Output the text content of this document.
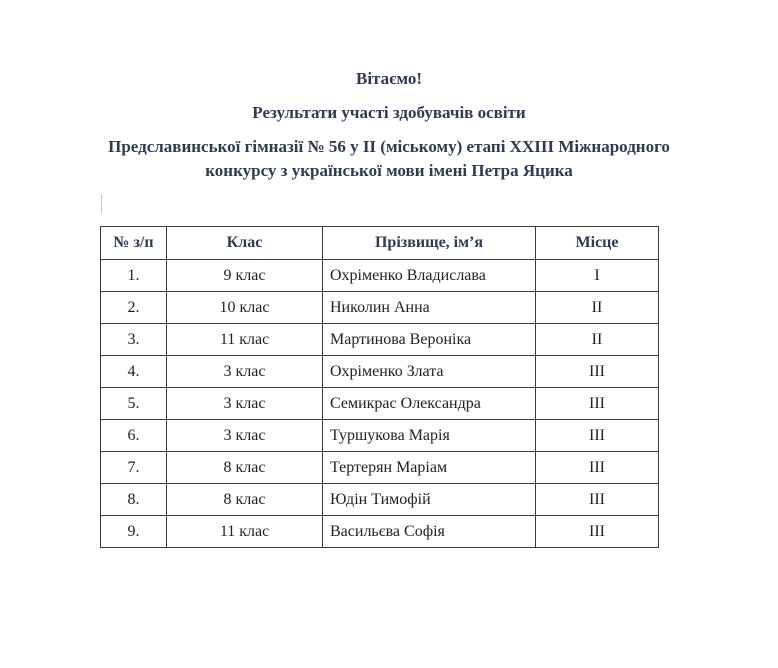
Вітаємо!
Результати участі здобувачів освіти
Предславинської гімназії № 56 у ІІ (міському) етапі ХХІІІ Міжнародного
конкурсу з української мови імені Петра Яцика
№ з/п	Клас	Прізвище, ім’я	Місце
1.	9 клас	Охріменко Владислава	І
2.	10 клас	Николин Анна	ІІ
3.	11 клас	Мартинова Вероніка	ІІ
4.	3 клас	Охріменко Злата	ІІІ
5.	3 клас	Семикрас Олександра	ІІІ
6.	3 клас	Туршукова Марія	ІІІ
7.	8 клас	Тертерян Маріам	ІІІ
8.	8 клас	Юдін Тимофій	ІІІ
9.	11 клас	Васильєва Софія	ІІІ
